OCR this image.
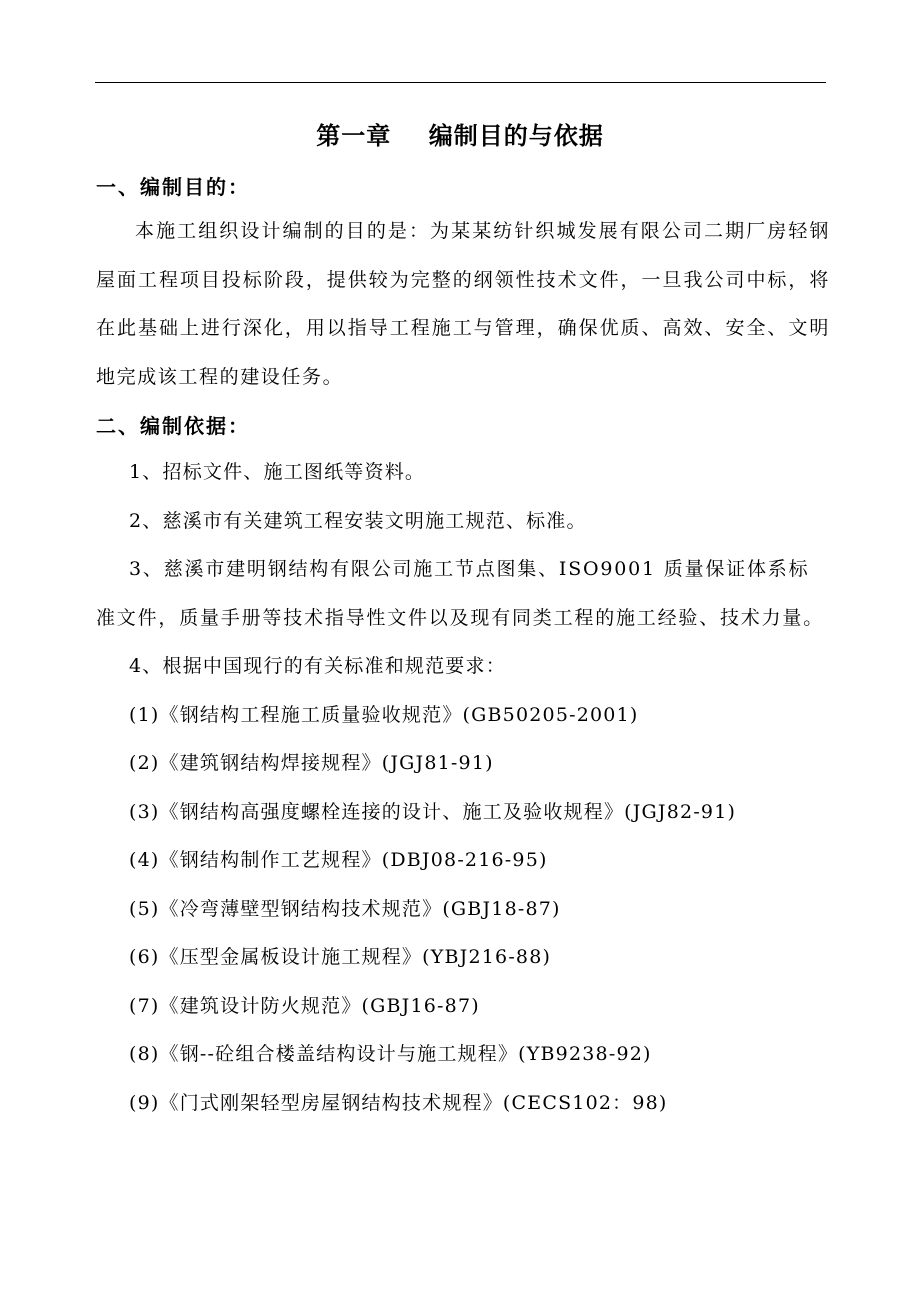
第一章    编制目的与依据
一、编制目的：

本施工组织设计编制的目的是：为某某纺针织城发展有限公司二期厂房轻钢屋面工程项目投标阶段，提供较为完整的纲领性技术文件，一旦我公司中标，将在此基础上进行深化，用以指导工程施工与管理，确保优质、高效、安全、文明地完成该工程的建设任务。

二、编制依据：
1、招标文件、施工图纸等资料。
2、慈溪市有关建筑工程安装文明施工规范、标准。
3、慈溪市建明钢结构有限公司施工节点图集、ISO9001 质量保证体系标准文件，质量手册等技术指导性文件以及现有同类工程的施工经验、技术力量。
4、根据中国现行的有关标准和规范要求：
(1)《钢结构工程施工质量验收规范》(GB50205-2001)
(2)《建筑钢结构焊接规程》(JGJ81-91)
(3)《钢结构高强度螺栓连接的设计、施工及验收规程》(JGJ82-91)
(4)《钢结构制作工艺规程》(DBJ08-216-95)
(5)《冷弯薄壁型钢结构技术规范》(GBJ18-87)
(6)《压型金属板设计施工规程》(YBJ216-88)
(7)《建筑设计防火规范》(GBJ16-87)
(8)《钢--砼组合楼盖结构设计与施工规程》(YB9238-92)
(9)《门式刚架轻型房屋钢结构技术规程》(CECS102：98)
